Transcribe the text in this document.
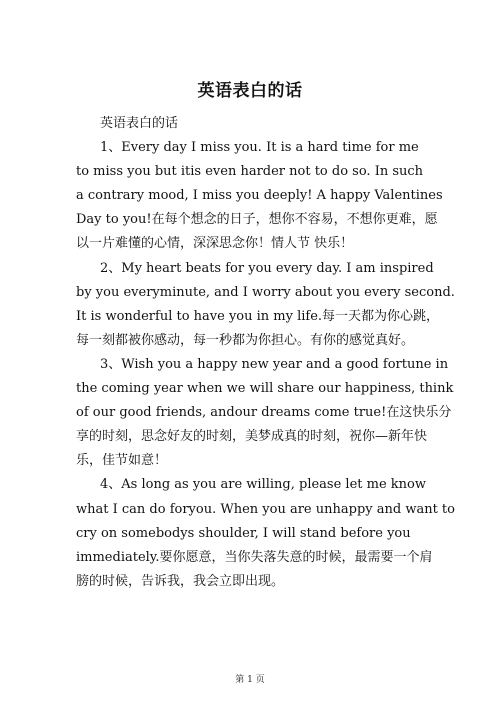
英语表白的话

英语表白的话

1、Every day I miss you. It is a hard time for me

to miss you but itis even harder not to do so. In such

a contrary mood, I miss you deeply! A happy Valentines

Day to you!在每个想念的日子，想你不容易，不想你更难，愿

以一片难懂的心情，深深思念你！情人节 快乐！

2、My heart beats for you every day. I am inspired

by you everyminute, and I worry about you every second.

It is wonderful to have you in my life.每一天都为你心跳，

每一刻都被你感动，每一秒都为你担心。有你的感觉真好。

3、Wish you a happy new year and a good fortune in

the coming year when we will share our happiness, think

of our good friends, andour dreams come true!在这快乐分

享的时刻，思念好友的时刻，美梦成真的时刻，祝你—新年快

乐，佳节如意！

4、As long as you are willing, please let me know

what I can do foryou. When you are unhappy and want to

cry on somebodys shoulder, I will stand before you

immediately.要你愿意，当你失落失意的时候，最需要一个肩

膀的时候，告诉我，我会立即出现。

第 1 页
